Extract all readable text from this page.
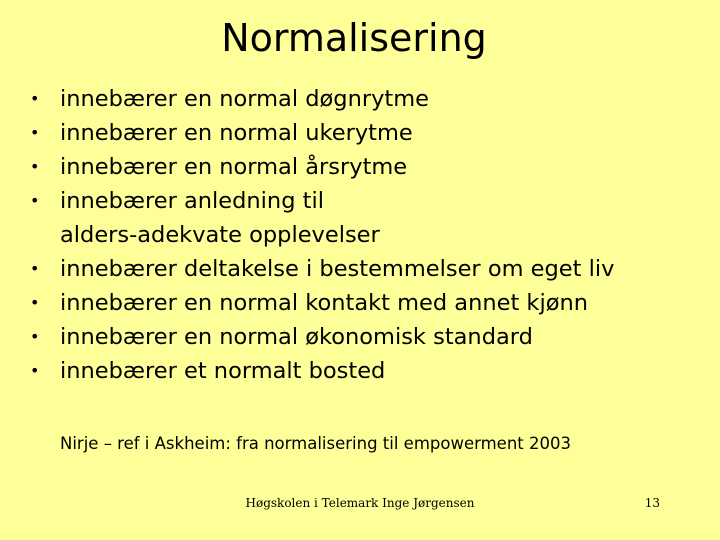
Normalisering
• innebærer en normal døgnrytme
• innebærer en normal ukerytme
• innebærer en normal årsrytme
• innebærer anledning til alders-adekvate opplevelser
• innebærer deltakelse i bestemmelser om eget liv
• innebærer en normal kontakt med annet kjønn
• innebærer en normal økonomisk standard
• innebærer et normalt bosted
Nirje – ref i Askheim: fra normalisering til empowerment 2003
Høgskolen i Telemark Inge Jørgensen	13
